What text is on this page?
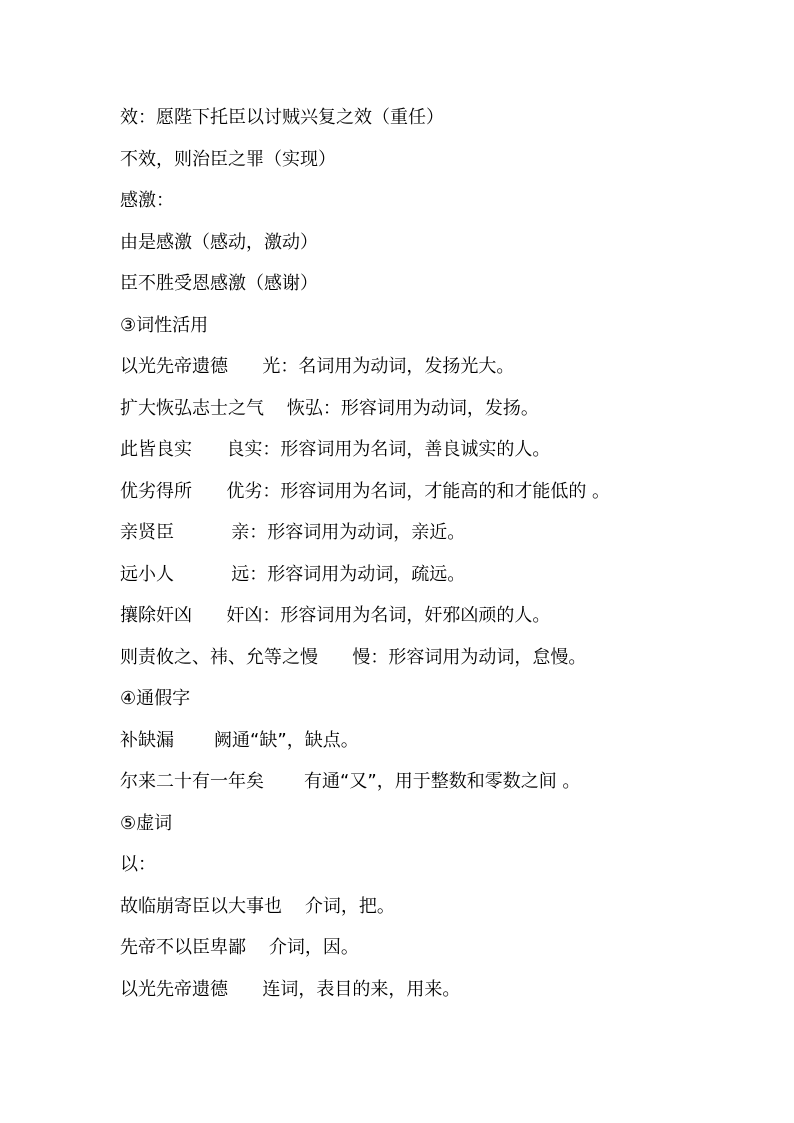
效：愿陛下托臣以讨贼兴复之效（重任）
不效，则治臣之罪（实现）
感激：
由是感激（感动，激动）
臣不胜受恩感激（感谢）
③词性活用
以光先帝遗德      光：名词用为动词，发扬光大。
扩大恢弘志士之气    恢弘：形容词用为动词，发扬。
此皆良实      良实：形容词用为名词，善良诚实的人。
优劣得所      优劣：形容词用为名词，才能高的和才能低的 。
亲贤臣          亲：形容词用为动词，亲近。
远小人          远：形容词用为动词，疏远。
攘除奸凶      奸凶：形容词用为名词，奸邪凶顽的人。
则责攸之、祎、允等之慢      慢：形容词用为动词，怠慢。
④通假字
补缺漏       阙通“缺”，缺点。
尔来二十有一年矣       有通“又”，用于整数和零数之间 。
⑤虚词
以：
故临崩寄臣以大事也    介词，把。
先帝不以臣卑鄙    介词，因。
以光先帝遗德      连词，表目的来，用来。
